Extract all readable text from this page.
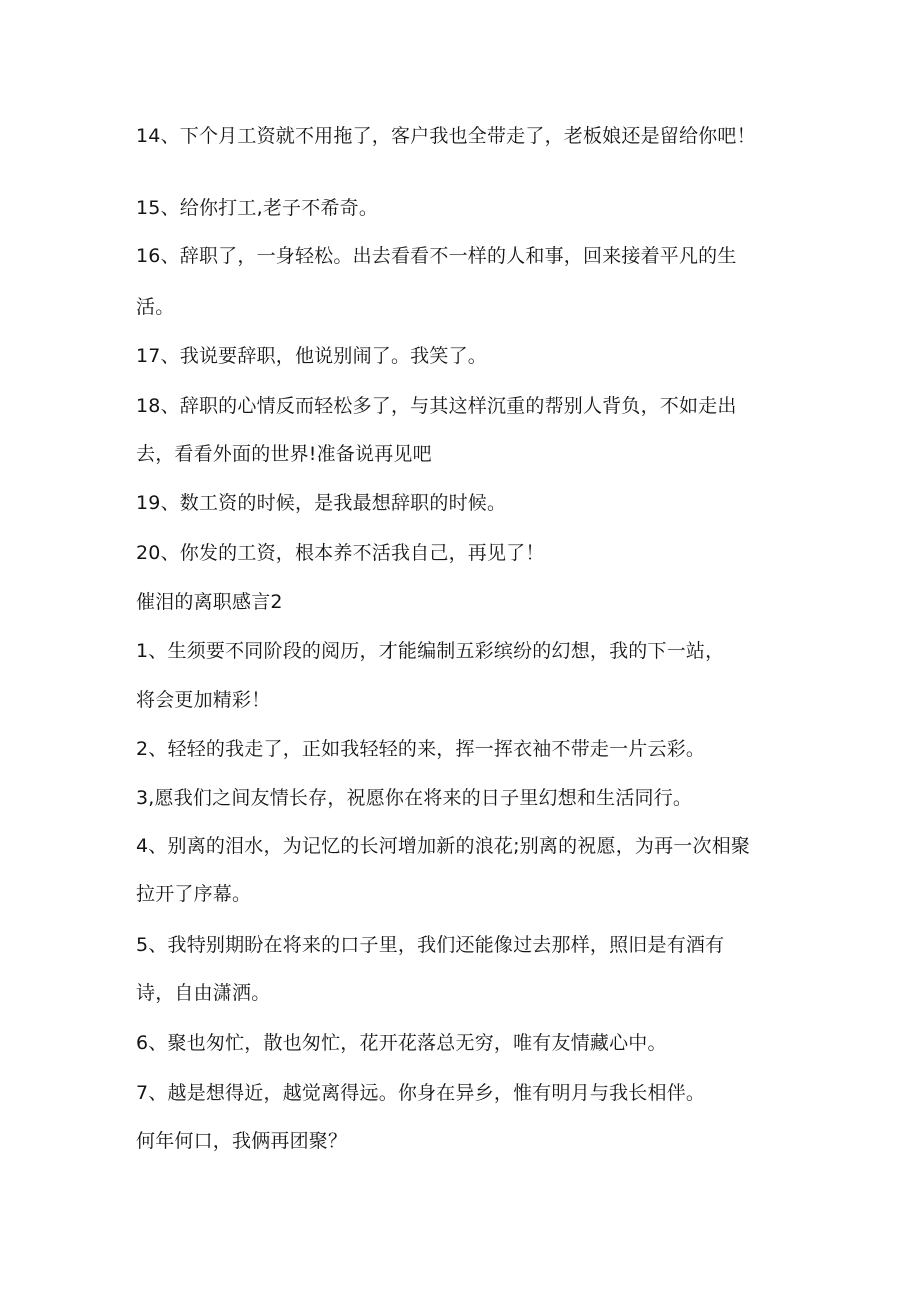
14、下个月工资就不用拖了，客户我也全带走了，老板娘还是留给你吧！
15、给你打工,老子不希奇。
16、辞职了，一身轻松。出去看看不一样的人和事，回来接着平凡的生
活。
17、我说要辞职，他说别闹了。我笑了。
18、辞职的心情反而轻松多了，与其这样沉重的帮别人背负，不如走出
去，看看外面的世界!准备说再见吧
19、数工资的时候，是我最想辞职的时候。
20、你发的工资，根本养不活我自己，再见了！
催泪的离职感言2
1、生须要不同阶段的阅历，才能编制五彩缤纷的幻想，我的下一站，
将会更加精彩！
2、轻轻的我走了，正如我轻轻的来，挥一挥衣袖不带走一片云彩。
3,愿我们之间友情长存，祝愿你在将来的日子里幻想和生活同行。
4、别离的泪水，为记忆的长河增加新的浪花;别离的祝愿，为再一次相聚
拉开了序幕。
5、我特别期盼在将来的口子里，我们还能像过去那样，照旧是有酒有
诗，自由潇洒。
6、聚也匆忙，散也匆忙，花开花落总无穷，唯有友情藏心中。
7、越是想得近，越觉离得远。你身在异乡，惟有明月与我长相伴。
何年何口，我俩再团聚？
